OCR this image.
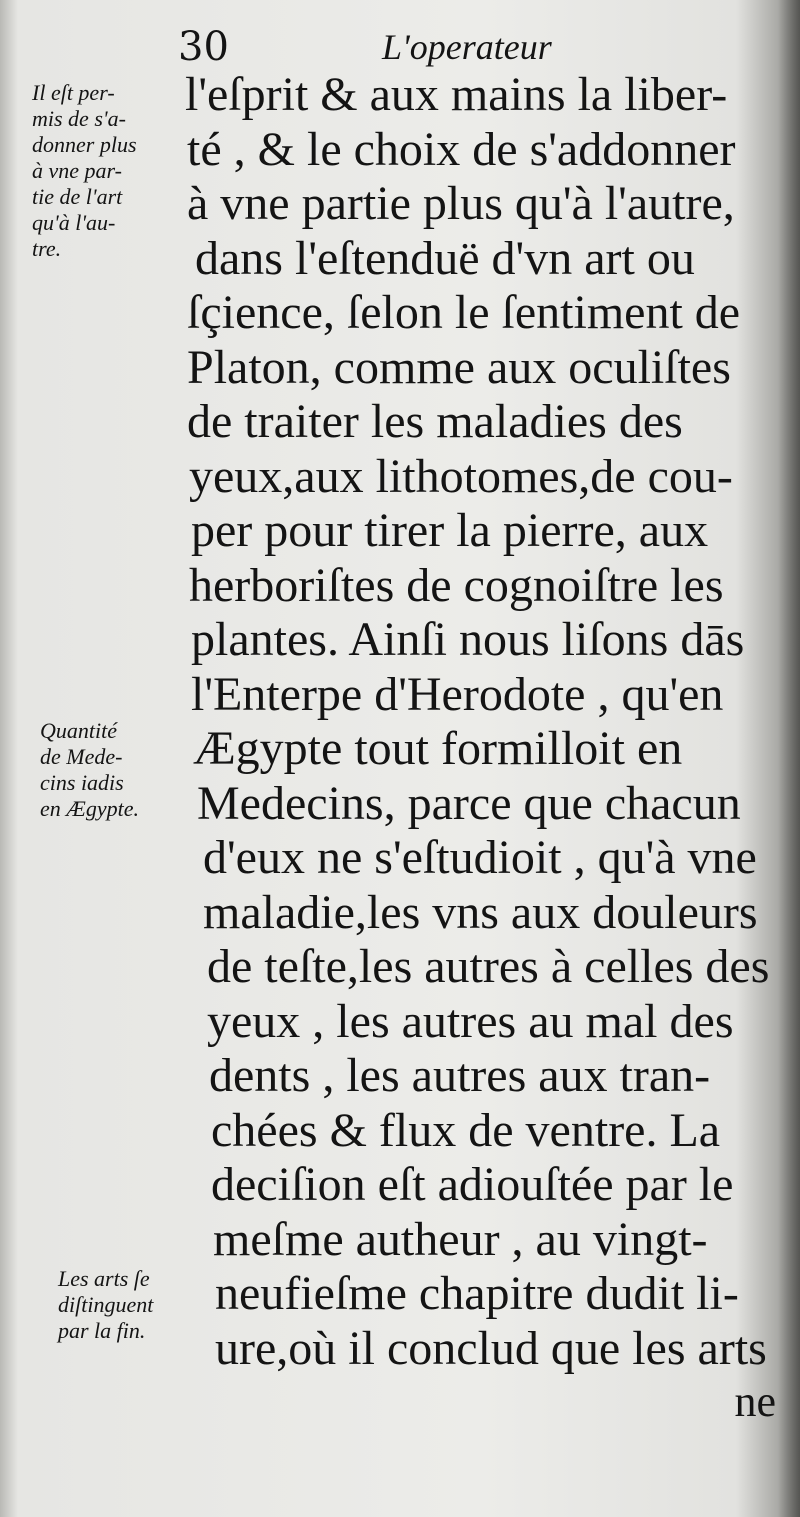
30	L'operateur
Il eſt per-
mis de s'a-
donner plus
à vne par-
tie de l'art
qu'à l'au-
tre.
Quantité
de Mede-
cins iadis
en Ægypte.
Les arts ſe
diſtinguent
par la fin.
l'eſprit & aux mains la liber-
té , & le choix de s'addonner
à vne partie plus qu'à l'autre,
dans l'eſtenduë d'vn art ou
ſçience, ſelon le ſentiment de
Platon, comme aux oculiſtes
de traiter les maladies des
yeux,aux lithotomes,de cou-
per pour tirer la pierre, aux
herboriſtes de cognoiſtre les
plantes. Ainſi nous liſons dās
l'Enterpe d'Herodote , qu'en
Ægypte tout formilloit en
Medecins, parce que chacun
d'eux ne s'eſtudioit , qu'à vne
maladie,les vns aux douleurs
de teſte,les autres à celles des
yeux , les autres au mal des
dents , les autres aux tran-
chées & flux de ventre. La
deciſion eſt adiouſtée par le
meſme autheur , au vingt-
neufieſme chapitre dudit li-
ure,où il conclud que les arts
ne
